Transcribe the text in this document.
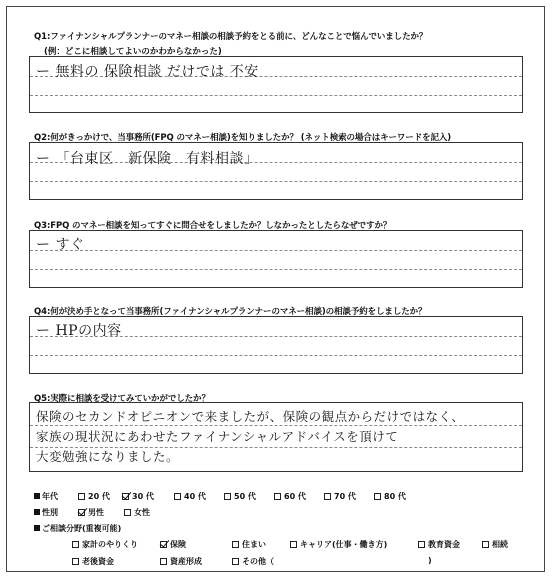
Q1:ファイナンシャルプランナーのマネー相談の相談予約をとる前に、どんなことで悩んでいましたか？
(例：どこに相談してよいのかわからなかった)
ー 無料の 保険相談 だけでは 不安
Q2:何がきっかけで、当事務所(FPQ のマネー相談)を知りましたか？ (ネット検索の場合はキーワードを記入)
ー 「台東区　新保険　有料相談」
Q3:FPQ のマネー相談を知ってすぐに問合せをしましたか？しなかったとしたらなぜですか？
ー すぐ
Q4:何が決め手となって当事務所(ファイナンシャルプランナーのマネー相談)の相談予約をしましたか？
ー HPの内容
Q5:実際に相談を受けてみていかがでしたか？
保険のセカンドオピニオンで来ましたが、保険の観点からだけではなく、
家族の現状況にあわせたファイナンシャルアドバイスを頂けて
大変勉強になりました。
年代	20 代	30 代	40 代	50 代	60 代	70 代	80 代
性別	男性	女性
ご相談分野(重複可能)
家計のやりくり	保険	住まい	キャリア(仕事・働き方)	教育資金	相続
老後資金	資産形成	その他（	)
